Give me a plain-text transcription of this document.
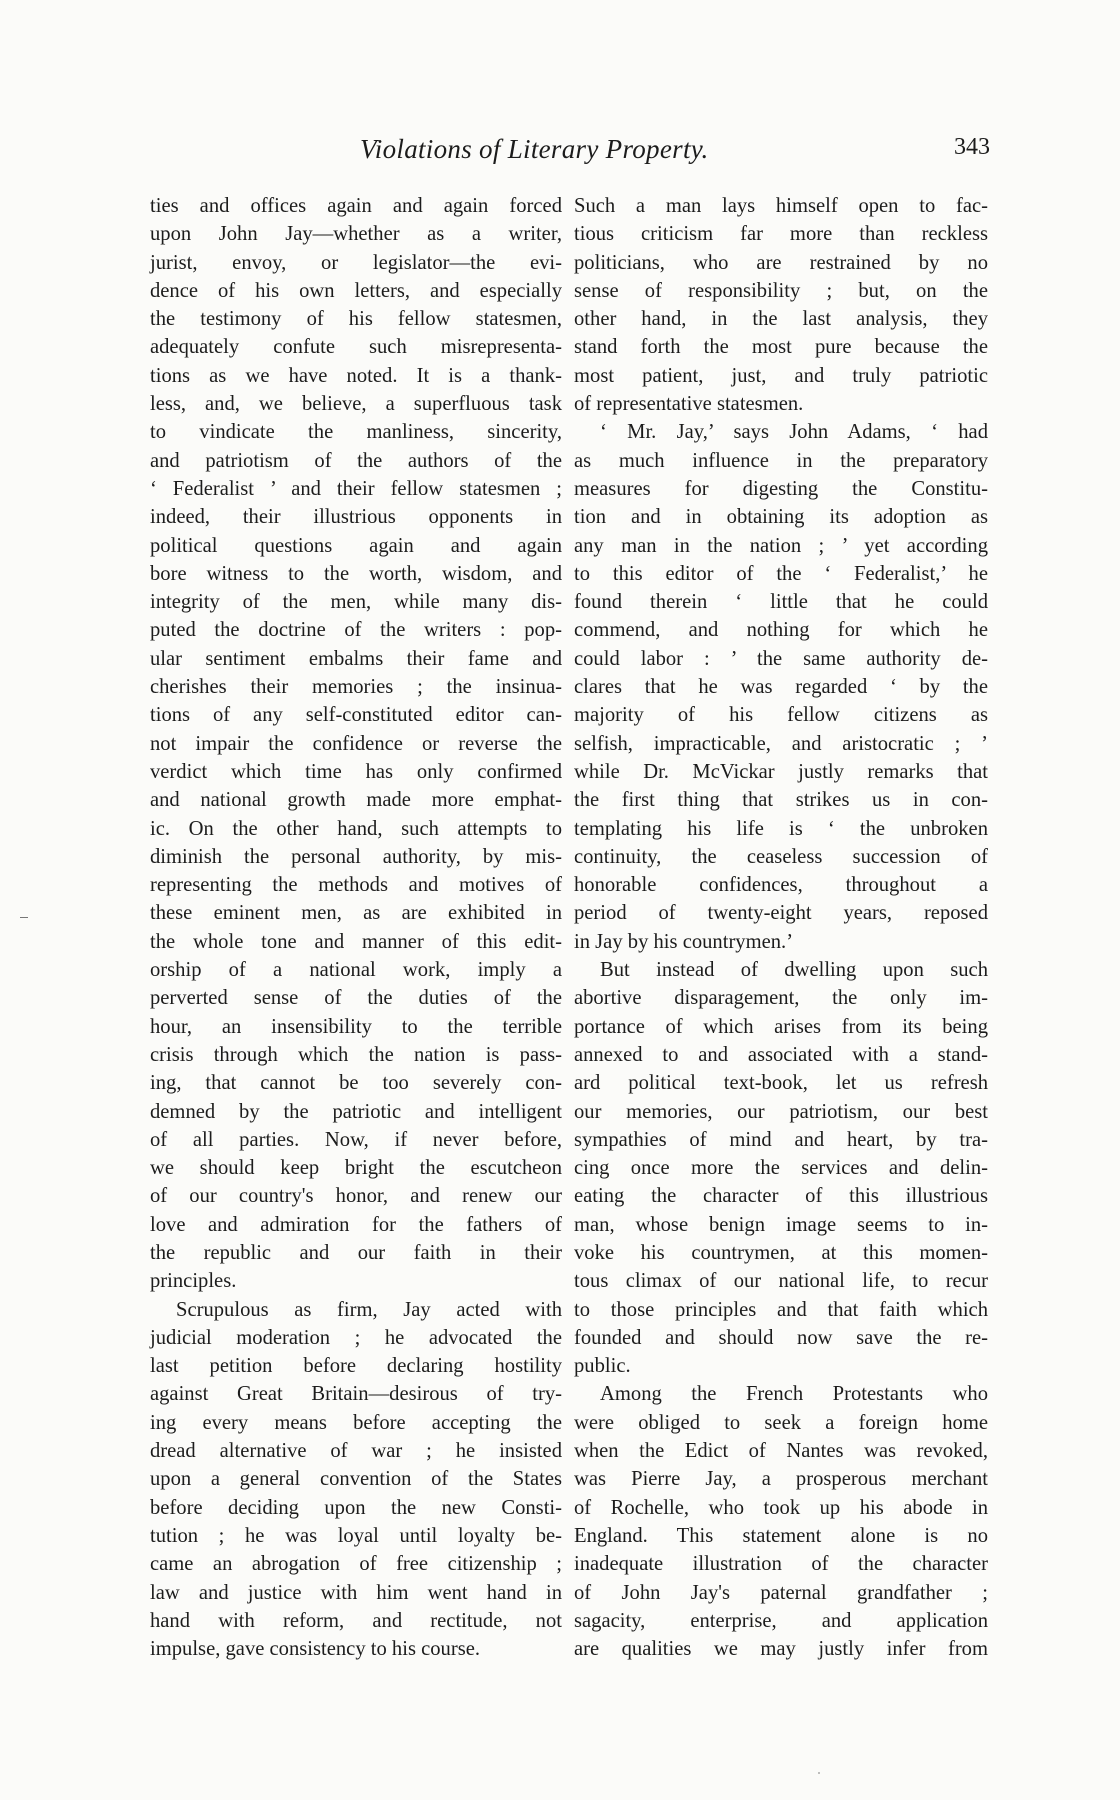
Violations of Literary Property.	343
ties and offices again and again forced
upon John Jay—whether as a writer,
jurist, envoy, or legislator—the evi-
dence of his own letters, and especially
the testimony of his fellow statesmen,
adequately confute such misrepresenta-
tions as we have noted. It is a thank-
less, and, we believe, a superfluous task
to vindicate the manliness, sincerity,
and patriotism of the authors of the
‘ Federalist ’ and their fellow statesmen ;
indeed, their illustrious opponents in
political questions again and again
bore witness to the worth, wisdom, and
integrity of the men, while many dis-
puted the doctrine of the writers : pop-
ular sentiment embalms their fame and
cherishes their memories ; the insinua-
tions of any self-constituted editor can-
not impair the confidence or reverse the
verdict which time has only confirmed
and national growth made more emphat-
ic. On the other hand, such attempts to
diminish the personal authority, by mis-
representing the methods and motives of
these eminent men, as are exhibited in
the whole tone and manner of this edit-
orship of a national work, imply a
perverted sense of the duties of the
hour, an insensibility to the terrible
crisis through which the nation is pass-
ing, that cannot be too severely con-
demned by the patriotic and intelligent
of all parties. Now, if never before,
we should keep bright the escutcheon
of our country's honor, and renew our
love and admiration for the fathers of
the republic and our faith in their
principles.
Scrupulous as firm, Jay acted with
judicial moderation ; he advocated the
last petition before declaring hostility
against Great Britain—desirous of try-
ing every means before accepting the
dread alternative of war ; he insisted
upon a general convention of the States
before deciding upon the new Consti-
tution ; he was loyal until loyalty be-
came an abrogation of free citizenship ;
law and justice with him went hand in
hand with reform, and rectitude, not
impulse, gave consistency to his course.
Such a man lays himself open to fac-
tious criticism far more than reckless
politicians, who are restrained by no
sense of responsibility ; but, on the
other hand, in the last analysis, they
stand forth the most pure because the
most patient, just, and truly patriotic
of representative statesmen.
‘ Mr. Jay,’ says John Adams, ‘ had
as much influence in the preparatory
measures for digesting the Constitu-
tion and in obtaining its adoption as
any man in the nation ; ’ yet according
to this editor of the ‘ Federalist,’ he
found therein ‘ little that he could
commend, and nothing for which he
could labor : ’ the same authority de-
clares that he was regarded ‘ by the
majority of his fellow citizens as
selfish, impracticable, and aristocratic ; ’
while Dr. McVickar justly remarks that
the first thing that strikes us in con-
templating his life is ‘ the unbroken
continuity, the ceaseless succession of
honorable confidences, throughout a
period of twenty-eight years, reposed
in Jay by his countrymen.’
But instead of dwelling upon such
abortive disparagement, the only im-
portance of which arises from its being
annexed to and associated with a stand-
ard political text-book, let us refresh
our memories, our patriotism, our best
sympathies of mind and heart, by tra-
cing once more the services and delin-
eating the character of this illustrious
man, whose benign image seems to in-
voke his countrymen, at this momen-
tous climax of our national life, to recur
to those principles and that faith which
founded and should now save the re-
public.
Among the French Protestants who
were obliged to seek a foreign home
when the Edict of Nantes was revoked,
was Pierre Jay, a prosperous merchant
of Rochelle, who took up his abode in
England. This statement alone is no
inadequate illustration of the character
of John Jay's paternal grandfather ;
sagacity, enterprise, and application
are qualities we may justly infer from
